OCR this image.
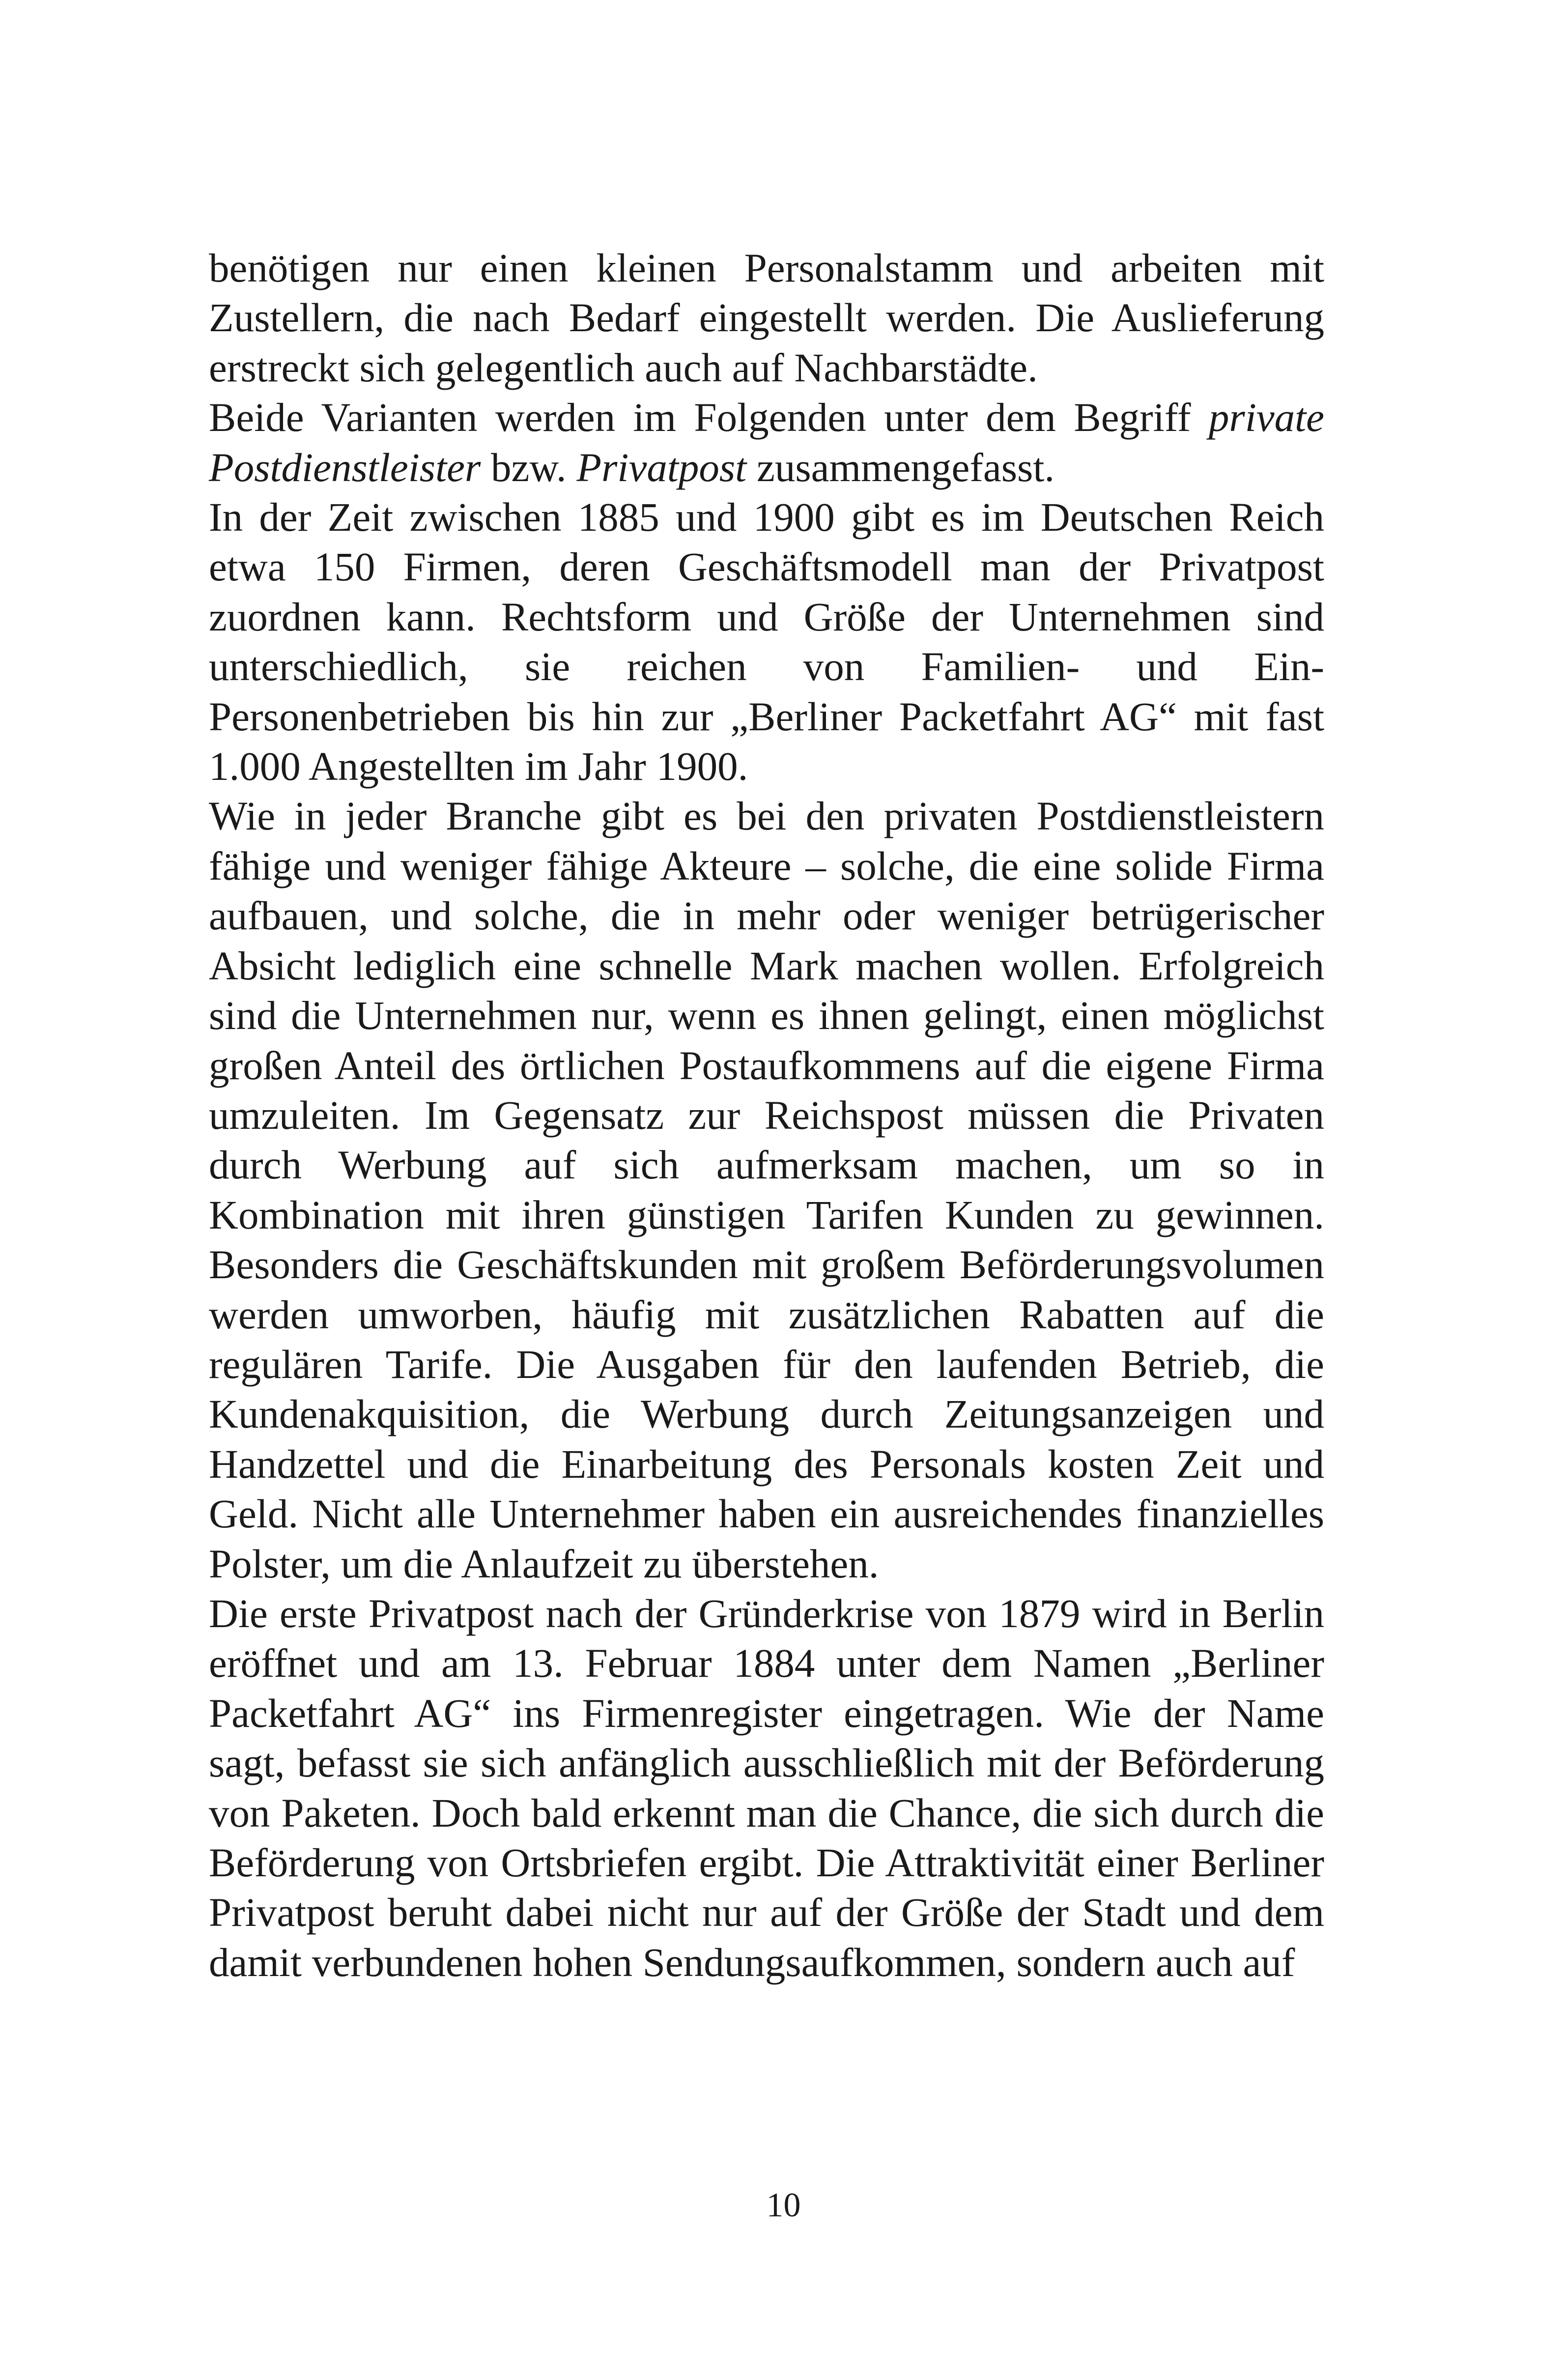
benötigen nur einen kleinen Personalstamm und arbeiten mit Zustellern, die nach Bedarf eingestellt werden. Die Auslieferung erstreckt sich gelegentlich auch auf Nachbarstädte.

Beide Varianten werden im Folgenden unter dem Begriff private Postdienstleister bzw. Privatpost zusammengefasst.

In der Zeit zwischen 1885 und 1900 gibt es im Deutschen Reich etwa 150 Firmen, deren Geschäftsmodell man der Privatpost zuordnen kann. Rechtsform und Größe der Unternehmen sind unterschiedlich, sie reichen von Familien- und Ein-Personenbetrieben bis hin zur „Berliner Packetfahrt AG“ mit fast 1.000 Angestellten im Jahr 1900.

Wie in jeder Branche gibt es bei den privaten Postdienstleistern fähige und weniger fähige Akteure – solche, die eine solide Firma aufbauen, und solche, die in mehr oder weniger betrügerischer Absicht lediglich eine schnelle Mark machen wollen. Erfolgreich sind die Unternehmen nur, wenn es ihnen gelingt, einen möglichst großen Anteil des örtlichen Postaufkommens auf die eigene Firma umzuleiten. Im Gegensatz zur Reichspost müssen die Privaten durch Werbung auf sich aufmerksam machen, um so in Kombination mit ihren günstigen Tarifen Kunden zu gewinnen. Besonders die Geschäftskunden mit großem Beförderungsvolumen werden umworben, häufig mit zusätzlichen Rabatten auf die regulären Tarife. Die Ausgaben für den laufenden Betrieb, die Kundenakquisition, die Werbung durch Zeitungsanzeigen und Handzettel und die Einarbeitung des Personals kosten Zeit und Geld. Nicht alle Unternehmer haben ein ausreichendes finanzielles Polster, um die Anlaufzeit zu überstehen.

Die erste Privatpost nach der Gründerkrise von 1879 wird in Berlin eröffnet und am 13. Februar 1884 unter dem Namen „Berliner Packetfahrt AG“ ins Firmenregister eingetragen. Wie der Name sagt, befasst sie sich anfänglich ausschließlich mit der Beförderung von Paketen. Doch bald erkennt man die Chance, die sich durch die Beförderung von Ortsbriefen ergibt. Die Attraktivität einer Berliner Privatpost beruht dabei nicht nur auf der Größe der Stadt und dem damit verbundenen hohen Sendungsaufkommen, sondern auch auf

10
